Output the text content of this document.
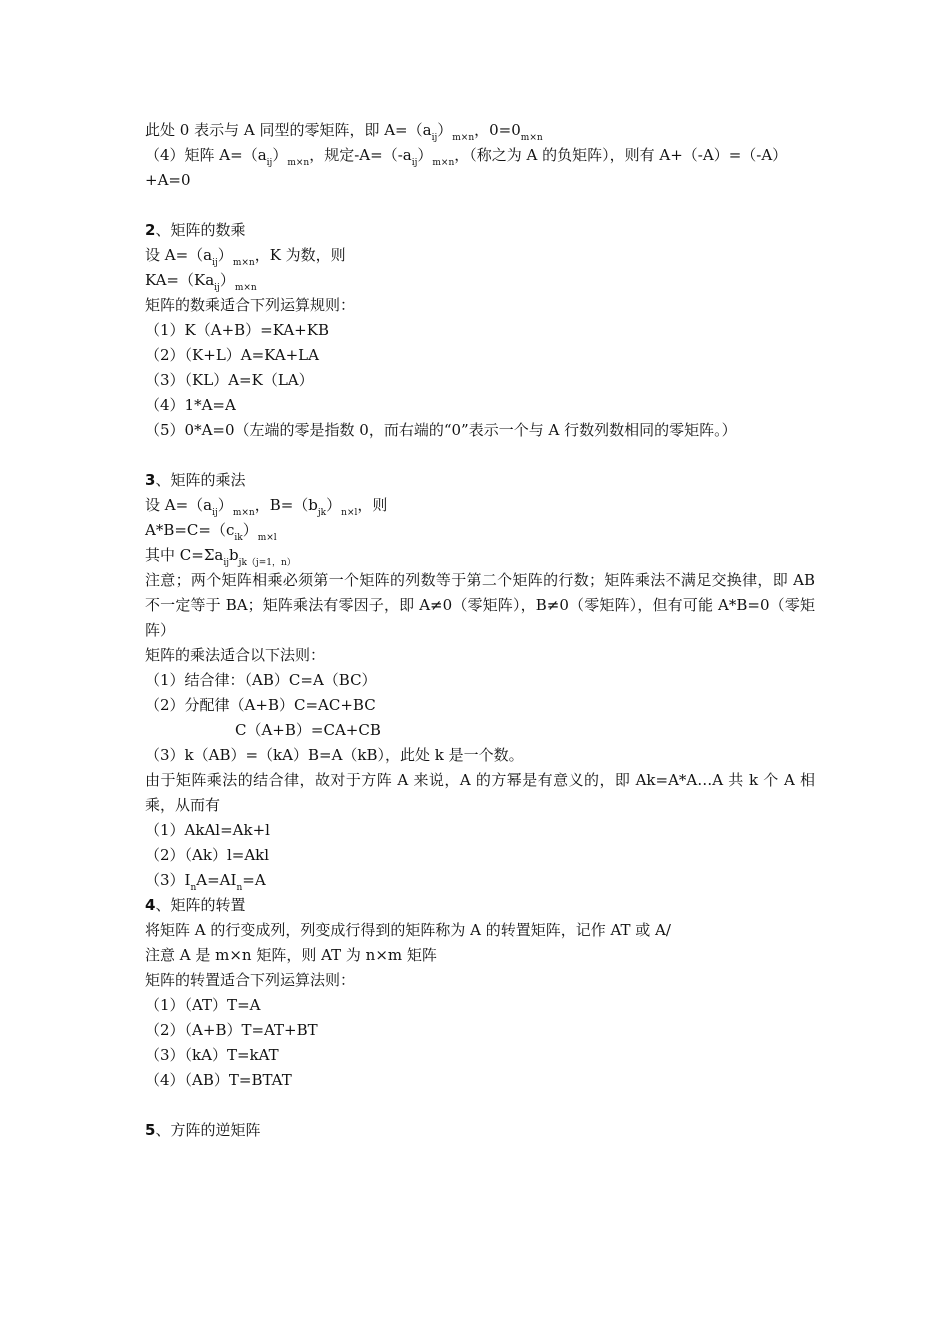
此处 0 表示与 A 同型的零矩阵，即 $A=(a_{ij})_{m\times n}$，$0=0_{m\times n}$
（4）矩阵 $A=(a_{ij})_{m\times n}$，规定$-A=(-a_{ij})_{m\times n}$，（称之为 A 的负矩阵），则有 A+（-A）=（-A）
+A=0
2、矩阵的数乘
设 $A=(a_{ij})_{m\times n}$，K 为数，则
$KA=(Ka_{ij})_{m\times n}$
矩阵的数乘适合下列运算规则：
（1）K（A+B）=KA+KB
（2）（K+L）A=KA+LA
（3）（KL）A=K（LA）
（4）1*A=A
（5）0*A=0（左端的零是指数 0，而右端的“0”表示一个与 A 行数列数相同的零矩阵。）
3、矩阵的乘法
设 $A=(a_{ij})_{m\times n}$，$B=(b_{jk})_{n\times l}$，则
$A*B=C=(c_{ik})_{m\times l}$
其中 $C=\Sigma a_{ij}b_{jk(j=1,n)}$
注意；两个矩阵相乘必须第一个矩阵的列数等于第二个矩阵的行数；矩阵乘法不满足交换律，即 AB 不一定等于 BA；矩阵乘法有零因子，即 A≠0（零矩阵），B≠0（零矩阵），但有可能 A*B=0（零矩阵）
矩阵的乘法适合以下法则：
（1）结合律：（AB）C=A（BC）
（2）分配律（A+B）C=AC+BC
C（A+B）=CA+CB
（3）k（AB）=（kA）B=A（kB），此处 k 是一个数。
由于矩阵乘法的结合律，故对于方阵 A 来说，A 的方幂是有意义的，即 Ak=A*A…A 共 k 个 A 相乘，从而有
（1）AkAl=Ak+l
（2）（Ak）l=Akl
$(3)I_nA=AI_n=A$
4、矩阵的转置
将矩阵 A 的行变成列，列变成行得到的矩阵称为 A 的转置矩阵，记作 AT 或 A/
注意 A 是 m×n 矩阵，则 AT 为 n×m 矩阵
矩阵的转置适合下列运算法则：
（1）（AT）T=A
（2）（A+B）T=AT+BT
（3）（kA）T=kAT
（4）（AB）T=BTAT
5、方阵的逆矩阵
